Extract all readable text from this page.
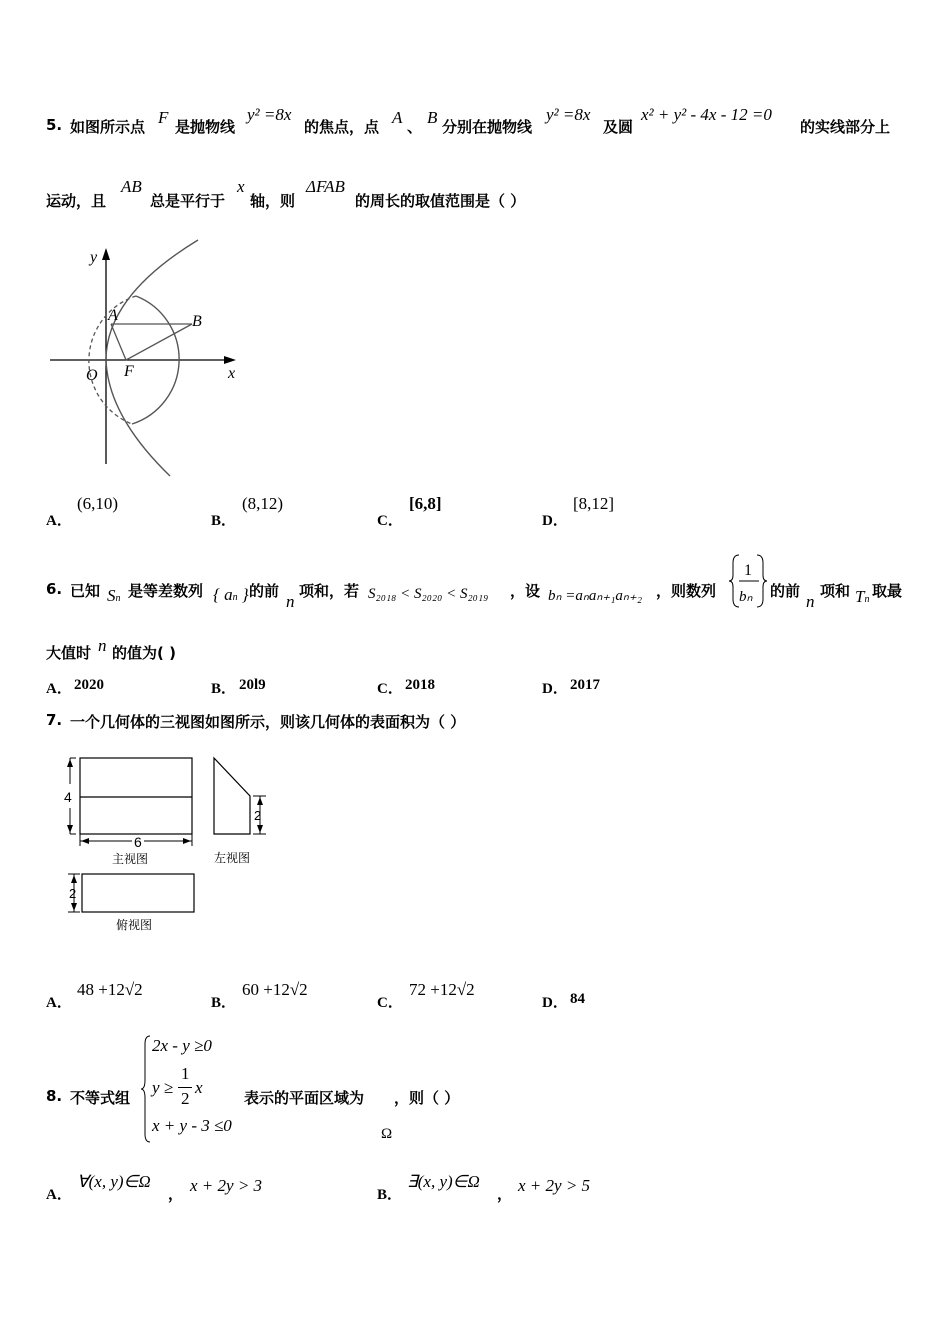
5. 如图所示点 F 是抛物线
y² =8x
的焦点，点 A 、 B 分别在抛物线
y² =8x
及圆
x² + y² - 4x - 12 =0
的实线部分上
运动，且
AB
总是平行于
x
轴，则
ΔFAB
的周长的取值范围是（ ）
y
x
O F
A	B
A．
(6,10)
B．
(8,12)
C．
[6,8]
D．
[8,12]
6. 已知 Sn 是等差数列 { an } 的前
n
项和，若 S₂₀₁₈ < S₂₀₂₀ < S₂₀₁₉ ，设 bₙ =aₙaₙ₊₁aₙ₊₂ ，则数列
1
bₙ 的前
n
项和 Tn 取最
大值时 n 的值为( )
A． 2020	B． 20l9	C． 2018	D． 2017
7. 一个几何体的三视图如图所示，则该几何体的表面积为（ ）
4
6
主视图
2
左视图
2
俯视图
A．
48 +12√2
B．
60 +12√2
C．
72 +12√2
D． 84
8. 不等式组
2x - y ≥0
y ≥
1
2
x
x + y - 3 ≤0
表示的平面区域为 ，则（ ）
Ω
A．
∀(x, y)∈Ω
， x + 2y > 3	B．
∃(x, y)∈Ω
， x + 2y > 5
